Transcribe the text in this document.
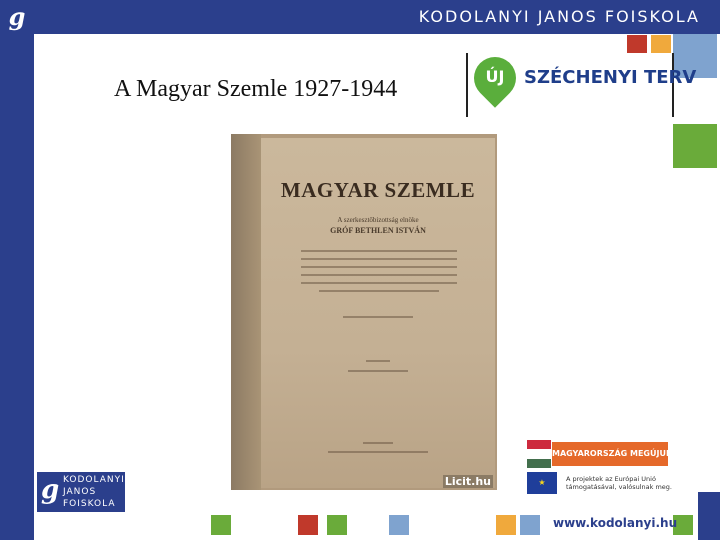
g	KODOLANYI JANOS FOISKOLA
A Magyar Szemle 1927-1944	ÚJ	SZÉCHENYI TERV
MAGYAR SZEMLE
A szerkesztőbizottság elnöke
GRÓF BETHLEN ISTVÁN
Licit.hu
g KODOLANYI
JANOS
FOISKOLA
MAGYARORSZÁG MEGÚJUL
★	A projektek az Európai Unió támogatásával, valósulnak meg.
www.kodolanyi.hu
